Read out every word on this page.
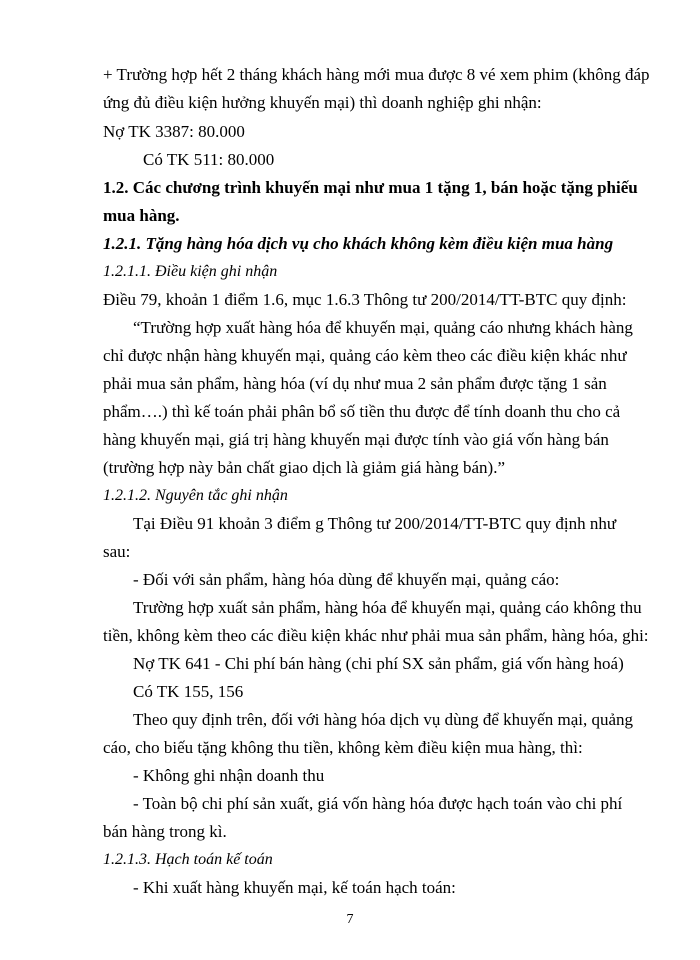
+ Trường hợp hết 2 tháng khách hàng mới mua được 8 vé xem phim (không đáp
ứng đủ điều kiện hưởng khuyến mại) thì doanh nghiệp ghi nhận:
Nợ TK 3387: 80.000
Có TK 511: 80.000
1.2. Các chương trình khuyến mại như mua 1 tặng 1, bán hoặc tặng phiếu
mua hàng.
1.2.1. Tặng hàng hóa dịch vụ cho khách không kèm điều kiện mua hàng
1.2.1.1. Điều kiện ghi nhận
Điều 79, khoản 1 điểm 1.6, mục 1.6.3 Thông tư 200/2014/TT-BTC quy định:
“Trường hợp xuất hàng hóa để khuyến mại, quảng cáo nhưng khách hàng
chỉ được nhận hàng khuyến mại, quảng cáo kèm theo các điều kiện khác như
phải mua sản phẩm, hàng hóa (ví dụ như mua 2 sản phẩm được tặng 1 sản
phẩm….) thì kế toán phải phân bổ số tiền thu được để tính doanh thu cho cả
hàng khuyến mại, giá trị hàng khuyến mại được tính vào giá vốn hàng bán
(trường hợp này bản chất giao dịch là giảm giá hàng bán).”
1.2.1.2. Nguyên tắc ghi nhận
Tại Điều 91 khoản 3 điểm g Thông tư 200/2014/TT-BTC quy định như
sau:
- Đối với sản phẩm, hàng hóa dùng để khuyến mại, quảng cáo:
Trường hợp xuất sản phẩm, hàng hóa để khuyến mại, quảng cáo không thu
tiền, không kèm theo các điều kiện khác như phải mua sản phẩm, hàng hóa, ghi:
Nợ TK 641 - Chi phí bán hàng (chi phí SX sản phẩm, giá vốn hàng hoá)
Có TK 155, 156
Theo quy định trên, đối với hàng hóa dịch vụ dùng để khuyến mại, quảng
cáo, cho biếu tặng không thu tiền, không kèm điều kiện mua hàng, thì:
- Không ghi nhận doanh thu
- Toàn bộ chi phí sản xuất, giá vốn hàng hóa được hạch toán vào chi phí
bán hàng trong kì.
1.2.1.3. Hạch toán kế toán
- Khi xuất hàng khuyến mại, kế toán hạch toán:
7
